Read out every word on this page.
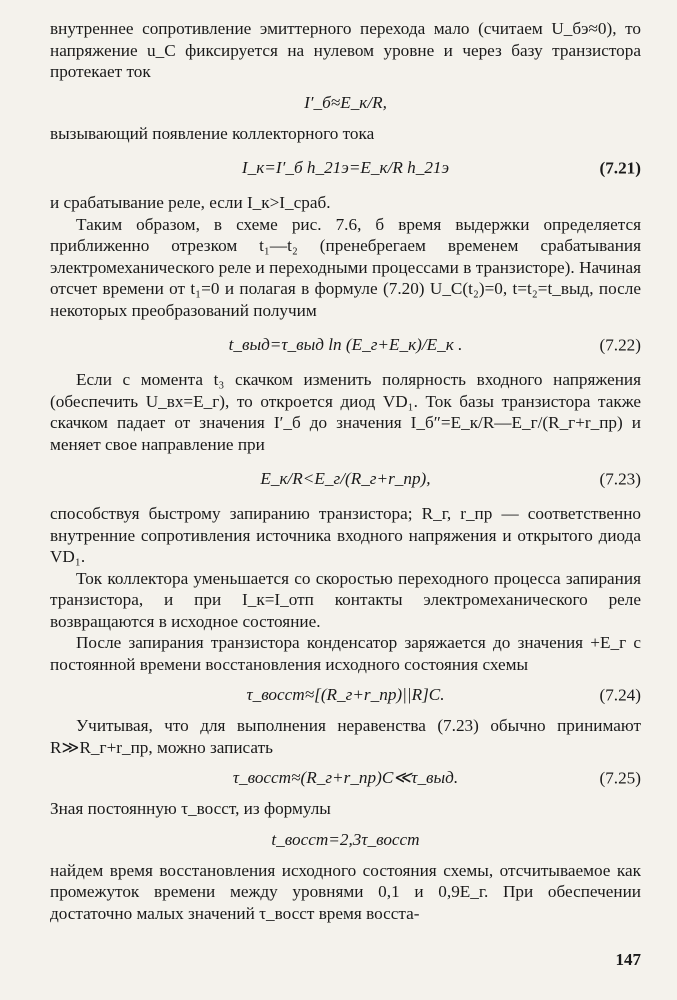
внутреннее сопротивление эмиттерного перехода мало (считаем U_бэ≈0), то напряжение u_C фиксируется на нулевом уровне и через базу транзистора протекает ток

I′_б≈E_к/R,

вызывающий появление коллекторного тока

I_к=I′_б h_21э=E_к/R h_21э	(7.21)

и срабатывание реле, если I_к>I_сраб.

Таким образом, в схеме рис. 7.6, б время выдержки определяется приближенно отрезком t₁—t₂ (пренебрегаем временем срабатывания электромеханического реле и переходными процессами в транзисторе). Начиная отсчет времени от t₁=0 и полагая в формуле (7.20) U_C(t₂)=0, t=t₂=t_выд, после некоторых преобразований получим

t_выд=τ_выд ln (E_г+E_к)/E_к .	(7.22)

Если с момента t₃ скачком изменить полярность входного напряжения (обеспечить U_вх=E_г), то откроется диод VD₁. Ток базы транзистора также скачком падает от значения I′_б до значения I_б″=E_к/R—E_г/(R_г+r_пр) и меняет свое направление при

E_к/R<E_г/(R_г+r_пр),	(7.23)

способствуя быстрому запиранию транзистора; R_г, r_пр — соответственно внутренние сопротивления источника входного напряжения и открытого диода VD₁.

Ток коллектора уменьшается со скоростью переходного процесса запирания транзистора, и при I_к=I_отп контакты электромеханического реле возвращаются в исходное состояние.

После запирания транзистора конденсатор заряжается до значения +E_г с постоянной времени восстановления исходного состояния схемы

τ_восст≈[(R_г+r_пр)||R]C.	(7.24)

Учитывая, что для выполнения неравенства (7.23) обычно принимают R≫R_г+r_пр, можно записать

τ_восст≈(R_г+r_пр)C≪τ_выд.	(7.25)

Зная постоянную τ_восст, из формулы

t_восст=2,3τ_восст

найдем время восстановления исходного состояния схемы, отсчитываемое как промежуток времени между уровнями 0,1 и 0,9E_г. При обеспечении достаточно малых значений τ_восст время восста-

147
